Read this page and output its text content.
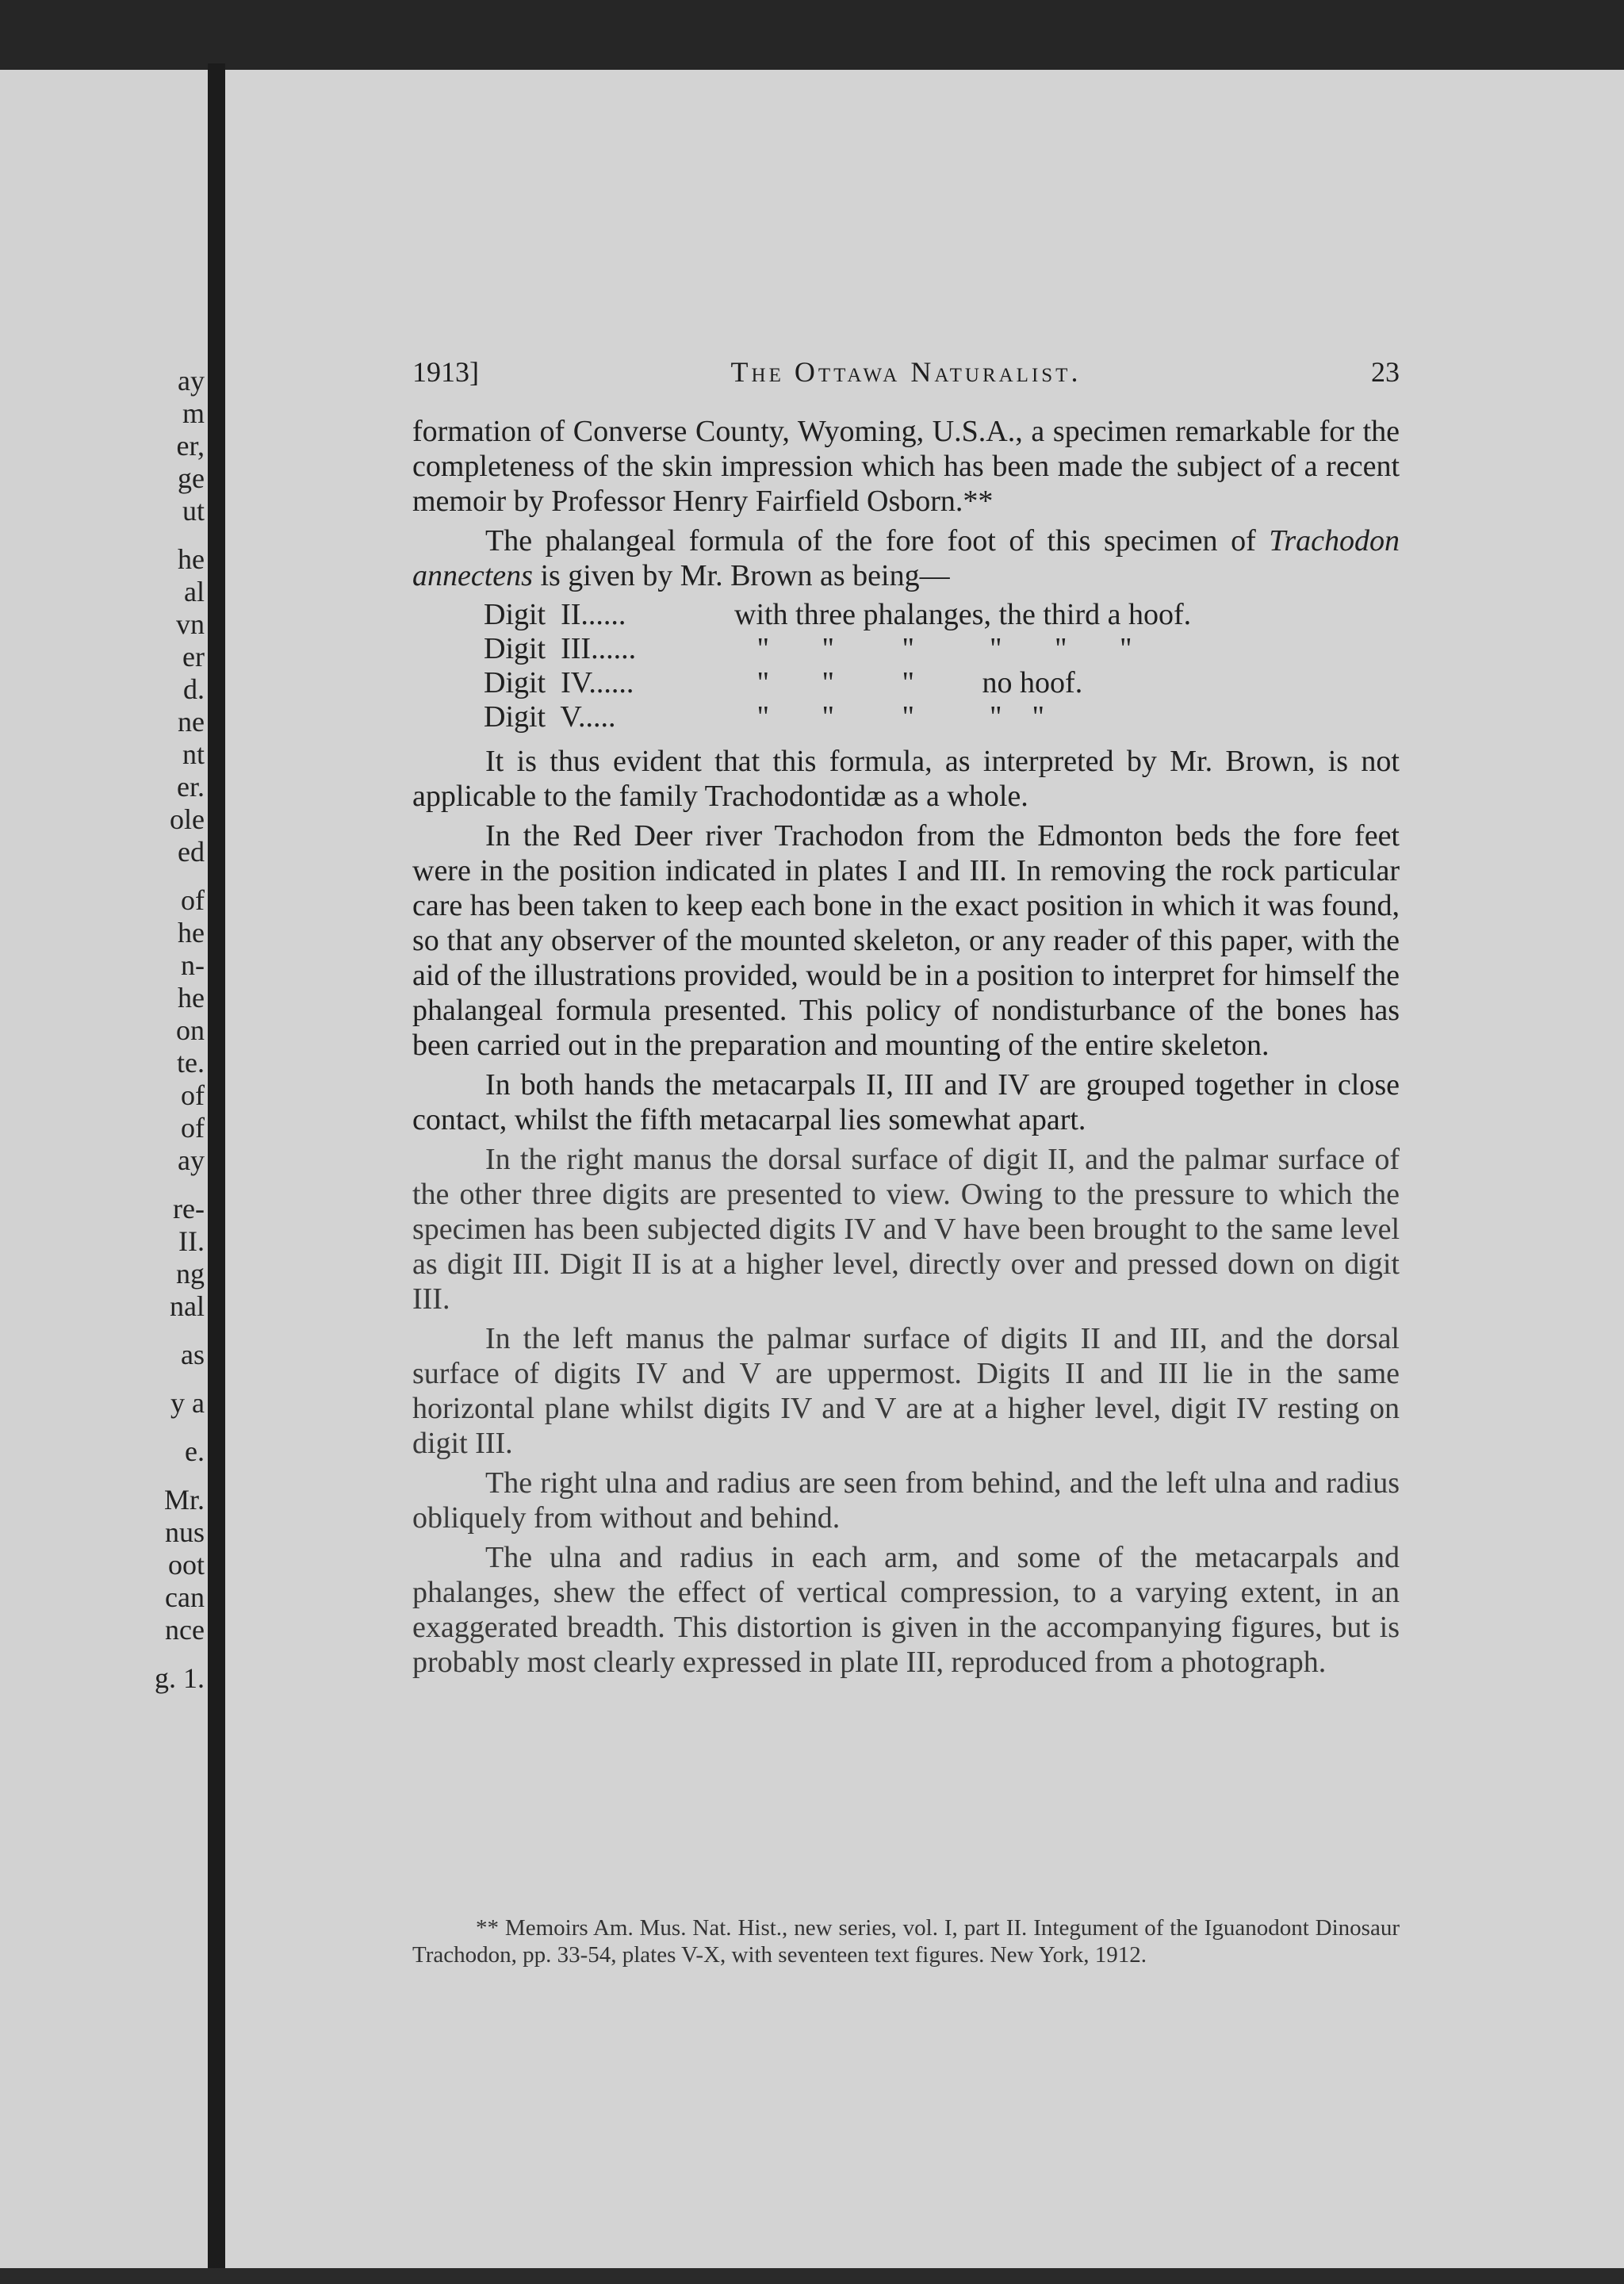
ay
m
er,
ge
ut
he
al
vn
er
d.
ne
nt
er.
ole
ed
of
he
n-
he
on
te.
of
of
ay
re-
II.
ng
nal
as
y a
e.
Mr.
nus
oot
can
nce
g. 1.
1913]	The Ottawa Naturalist.	23

formation of Converse County, Wyoming, U.S.A., a specimen remarkable for the completeness of the skin impression which has been made the subject of a recent memoir by Professor Henry Fairfield Osborn.**

The phalangeal formula of the fore foot of this specimen of Trachodon annectens is given by Mr. Brown as being—

Digit  II......	with three phalanges, the third a hoof.
Digit  III......	"       "         "          "       "       "
Digit  IV......	"       "         "         no hoof.
Digit  V.....	"       "         "          "    "

It is thus evident that this formula, as interpreted by Mr. Brown, is not applicable to the family Trachodontidæ as a whole.

In the Red Deer river Trachodon from the Edmonton beds the fore feet were in the position indicated in plates I and III. In removing the rock particular care has been taken to keep each bone in the exact position in which it was found, so that any observer of the mounted skeleton, or any reader of this paper, with the aid of the illustrations provided, would be in a position to interpret for himself the phalangeal formula presented. This policy of nondisturbance of the bones has been carried out in the preparation and mounting of the entire skeleton.

In both hands the metacarpals II, III and IV are grouped together in close contact, whilst the fifth metacarpal lies somewhat apart.

In the right manus the dorsal surface of digit II, and the palmar surface of the other three digits are presented to view. Owing to the pressure to which the specimen has been subjected digits IV and V have been brought to the same level as digit III. Digit II is at a higher level, directly over and pressed down on digit III.

In the left manus the palmar surface of digits II and III, and the dorsal surface of digits IV and V are uppermost. Digits II and III lie in the same horizontal plane whilst digits IV and V are at a higher level, digit IV resting on digit III.

The right ulna and radius are seen from behind, and the left ulna and radius obliquely from without and behind.

The ulna and radius in each arm, and some of the metacarpals and phalanges, shew the effect of vertical compression, to a varying extent, in an exaggerated breadth. This distortion is given in the accompanying figures, but is probably most clearly expressed in plate III, reproduced from a photograph.

** Memoirs Am. Mus. Nat. Hist., new series, vol. I, part II. Integument of the Iguanodont Dinosaur Trachodon, pp. 33-54, plates V-X, with seventeen text figures. New York, 1912.
